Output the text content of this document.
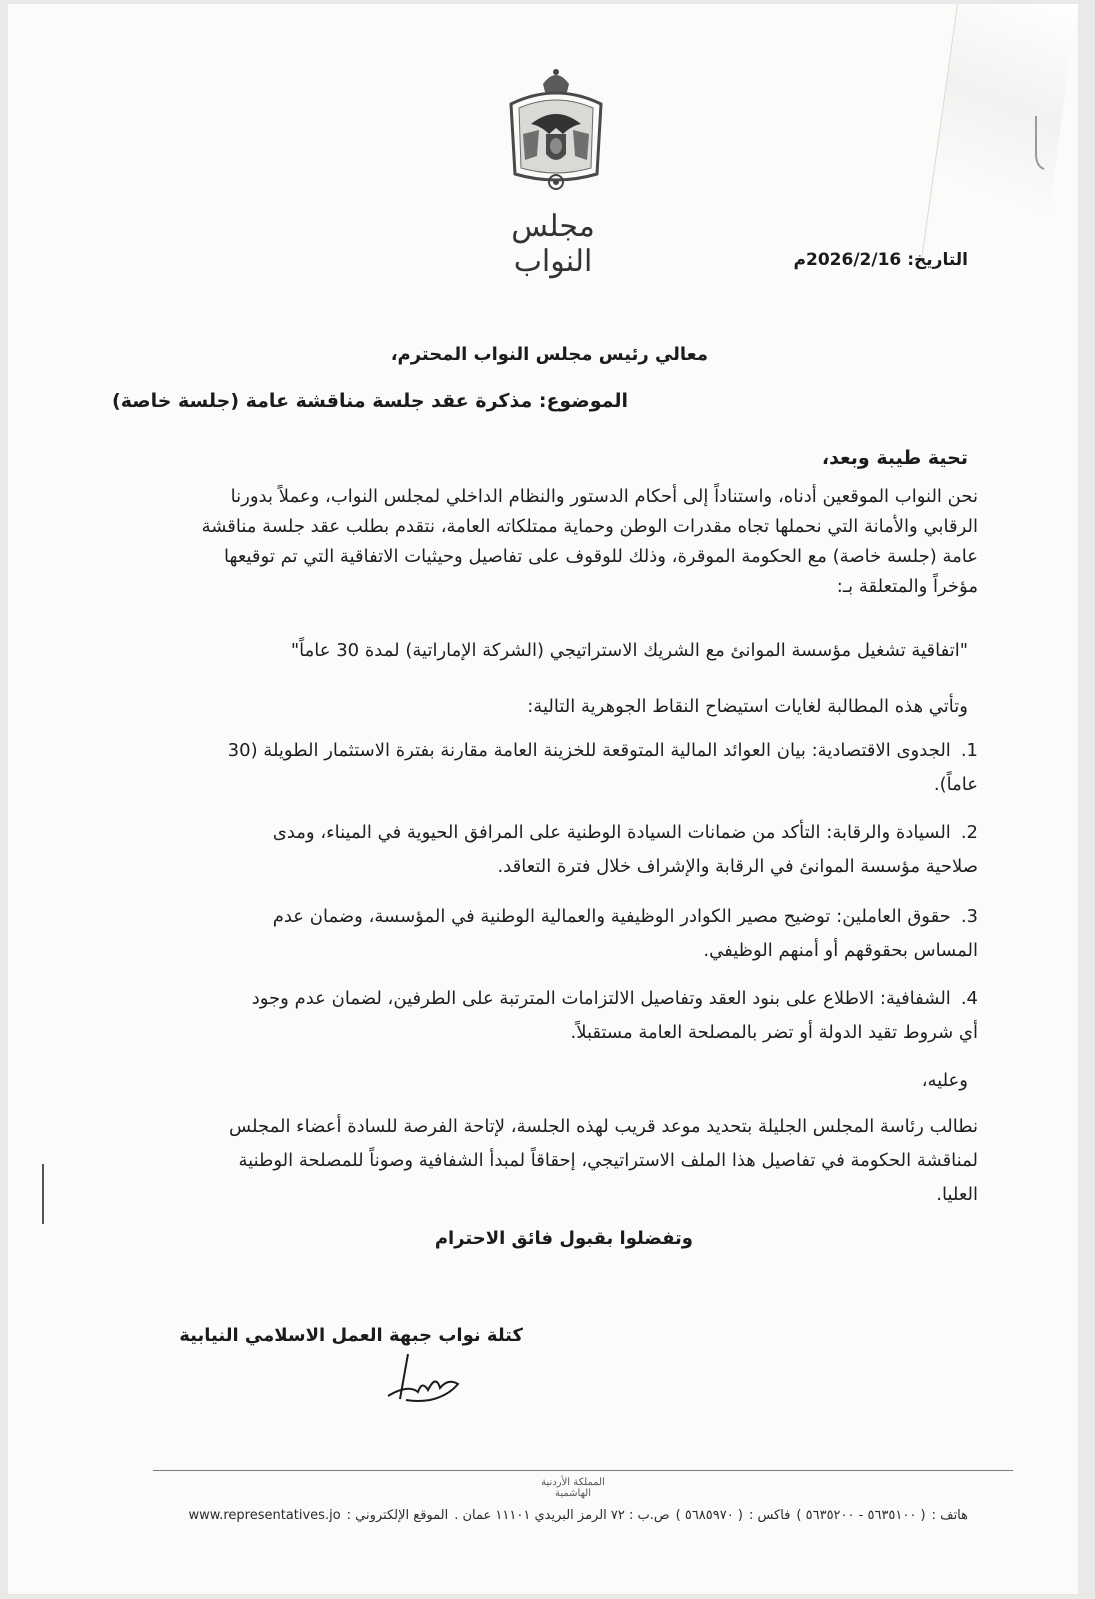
مجلس النواب	التاريخ:2026/2/16م
معالي رئيس مجلس النواب المحترم،
الموضوع: مذكرة عقد جلسة مناقشة عامة (جلسة خاصة)
تحية طيبة وبعد،
نحن النواب الموقعين أدناه، واستناداً إلى أحكام الدستور والنظام الداخلي لمجلس النواب، وعملاً بدورنا
الرقابي والأمانة التي نحملها تجاه مقدرات الوطن وحماية ممتلكاته العامة، نتقدم بطلب عقد جلسة مناقشة
عامة (جلسة خاصة) مع الحكومة الموقرة، وذلك للوقوف على تفاصيل وحيثيات الاتفاقية التي تم توقيعها
مؤخراً والمتعلقة بـ:
"اتفاقية تشغيل مؤسسة الموانئ مع الشريك الاستراتيجي (الشركة الإماراتية) لمدة 30 عاماً"
وتأتي هذه المطالبة لغايات استيضاح النقاط الجوهرية التالية:
1.الجدوى الاقتصادية: بيان العوائد المالية المتوقعة للخزينة العامة مقارنة بفترة الاستثمار الطويلة (30
عاماً).
2.السيادة والرقابة: التأكد من ضمانات السيادة الوطنية على المرافق الحيوية في الميناء، ومدى
صلاحية مؤسسة الموانئ في الرقابة والإشراف خلال فترة التعاقد.
3.حقوق العاملين: توضيح مصير الكوادر الوظيفية والعمالية الوطنية في المؤسسة، وضمان عدم
المساس بحقوقهم أو أمنهم الوظيفي.
4.الشفافية: الاطلاع على بنود العقد وتفاصيل الالتزامات المترتبة على الطرفين، لضمان عدم وجود
أي شروط تقيد الدولة أو تضر بالمصلحة العامة مستقبلاً.
وعليه،
نطالب رئاسة المجلس الجليلة بتحديد موعد قريب لهذه الجلسة، لإتاحة الفرصة للسادة أعضاء المجلس
لمناقشة الحكومة في تفاصيل هذا الملف الاستراتيجي، إحقاقاً لمبدأ الشفافية وصوناً للمصلحة الوطنية
العليا.
وتفضلوا بقبول فائق الاحترام
كتلة نواب جبهة العمل الاسلامي النيابية
المملكة الأردنية الهاشمية
هاتف :( ٥٦٣٥١٠٠ - ٥٦٣٥٢٠٠ )فاكس :( ٥٦٨٥٩٧٠ )ص.ب : ٧٢ الرمز البريدي ١١١٠١ عمان .الموقع الإلكتروني :www.representatives.jo
